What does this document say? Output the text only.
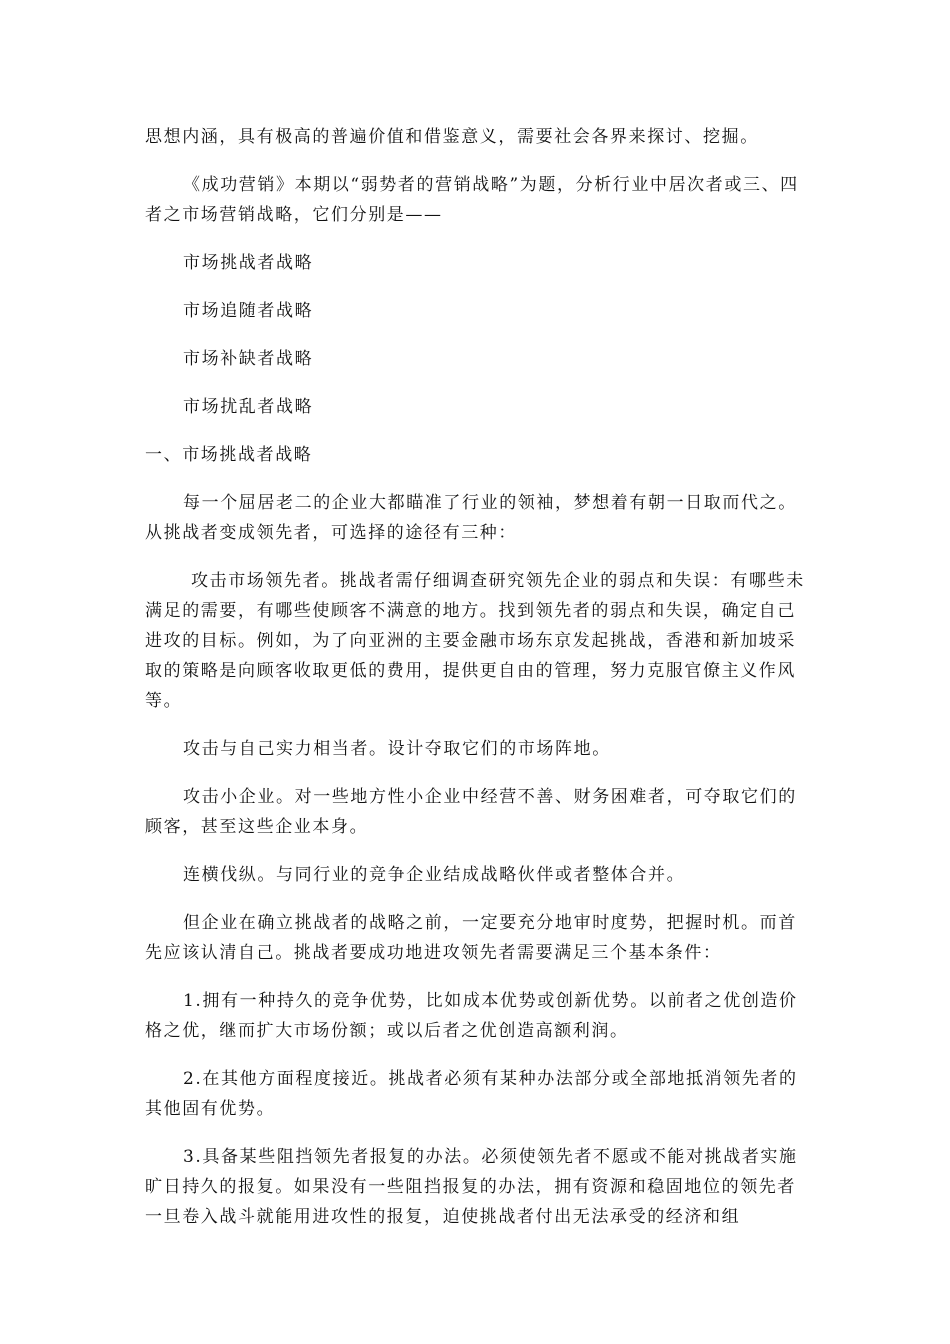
思想内涵，具有极高的普遍价值和借鉴意义，需要社会各界来探讨、挖掘。

《成功营销》本期以“弱势者的营销战略”为题，分析行业中居次者或三、四者之市场营销战略，它们分别是——

市场挑战者战略

市场追随者战略

市场补缺者战略

市场扰乱者战略

一、市场挑战者战略

每一个屈居老二的企业大都瞄准了行业的领袖，梦想着有朝一日取而代之。从挑战者变成领先者，可选择的途径有三种：

攻击市场领先者。挑战者需仔细调查研究领先企业的弱点和失误：有哪些未满足的需要，有哪些使顾客不满意的地方。找到领先者的弱点和失误，确定自己进攻的目标。例如，为了向亚洲的主要金融市场东京发起挑战，香港和新加坡采取的策略是向顾客收取更低的费用，提供更自由的管理，努力克服官僚主义作风等。

攻击与自己实力相当者。设计夺取它们的市场阵地。

攻击小企业。对一些地方性小企业中经营不善、财务困难者，可夺取它们的顾客，甚至这些企业本身。

连横伐纵。与同行业的竞争企业结成战略伙伴或者整体合并。

但企业在确立挑战者的战略之前，一定要充分地审时度势，把握时机。而首先应该认清自己。挑战者要成功地进攻领先者需要满足三个基本条件：

1.拥有一种持久的竞争优势，比如成本优势或创新优势。以前者之优创造价格之优，继而扩大市场份额；或以后者之优创造高额利润。

2.在其他方面程度接近。挑战者必须有某种办法部分或全部地抵消领先者的其他固有优势。

3.具备某些阻挡领先者报复的办法。必须使领先者不愿或不能对挑战者实施旷日持久的报复。如果没有一些阻挡报复的办法，拥有资源和稳固地位的领先者一旦卷入战斗就能用进攻性的报复，迫使挑战者付出无法承受的经济和组
